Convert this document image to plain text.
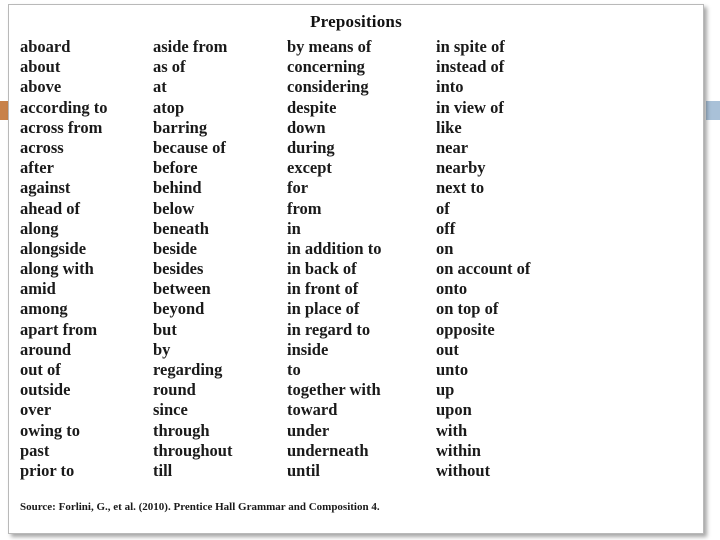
Prepositions
aboard
about
above
according to
across from
across
after
against
ahead of
along
alongside
along with
amid
among
apart from
around
out of
outside
over
owing to
past
prior to
aside from
as of
at
atop
barring
because of
before
behind
below
beneath
beside
besides
between
beyond
but
by
regarding
round
since
through
throughout
till
by means of
concerning
considering
despite
down
during
except
for
from
in
in addition to
in back of
in front of
in place of
in regard to
inside
to
together with
toward
under
underneath
until
in spite of
instead of
into
in view of
like
near
nearby
next to
of
off
on
on account of
onto
on top of
opposite
out
unto
up
upon
with
within
without
Source: Forlini, G., et al. (2010). Prentice Hall Grammar and Composition 4.
